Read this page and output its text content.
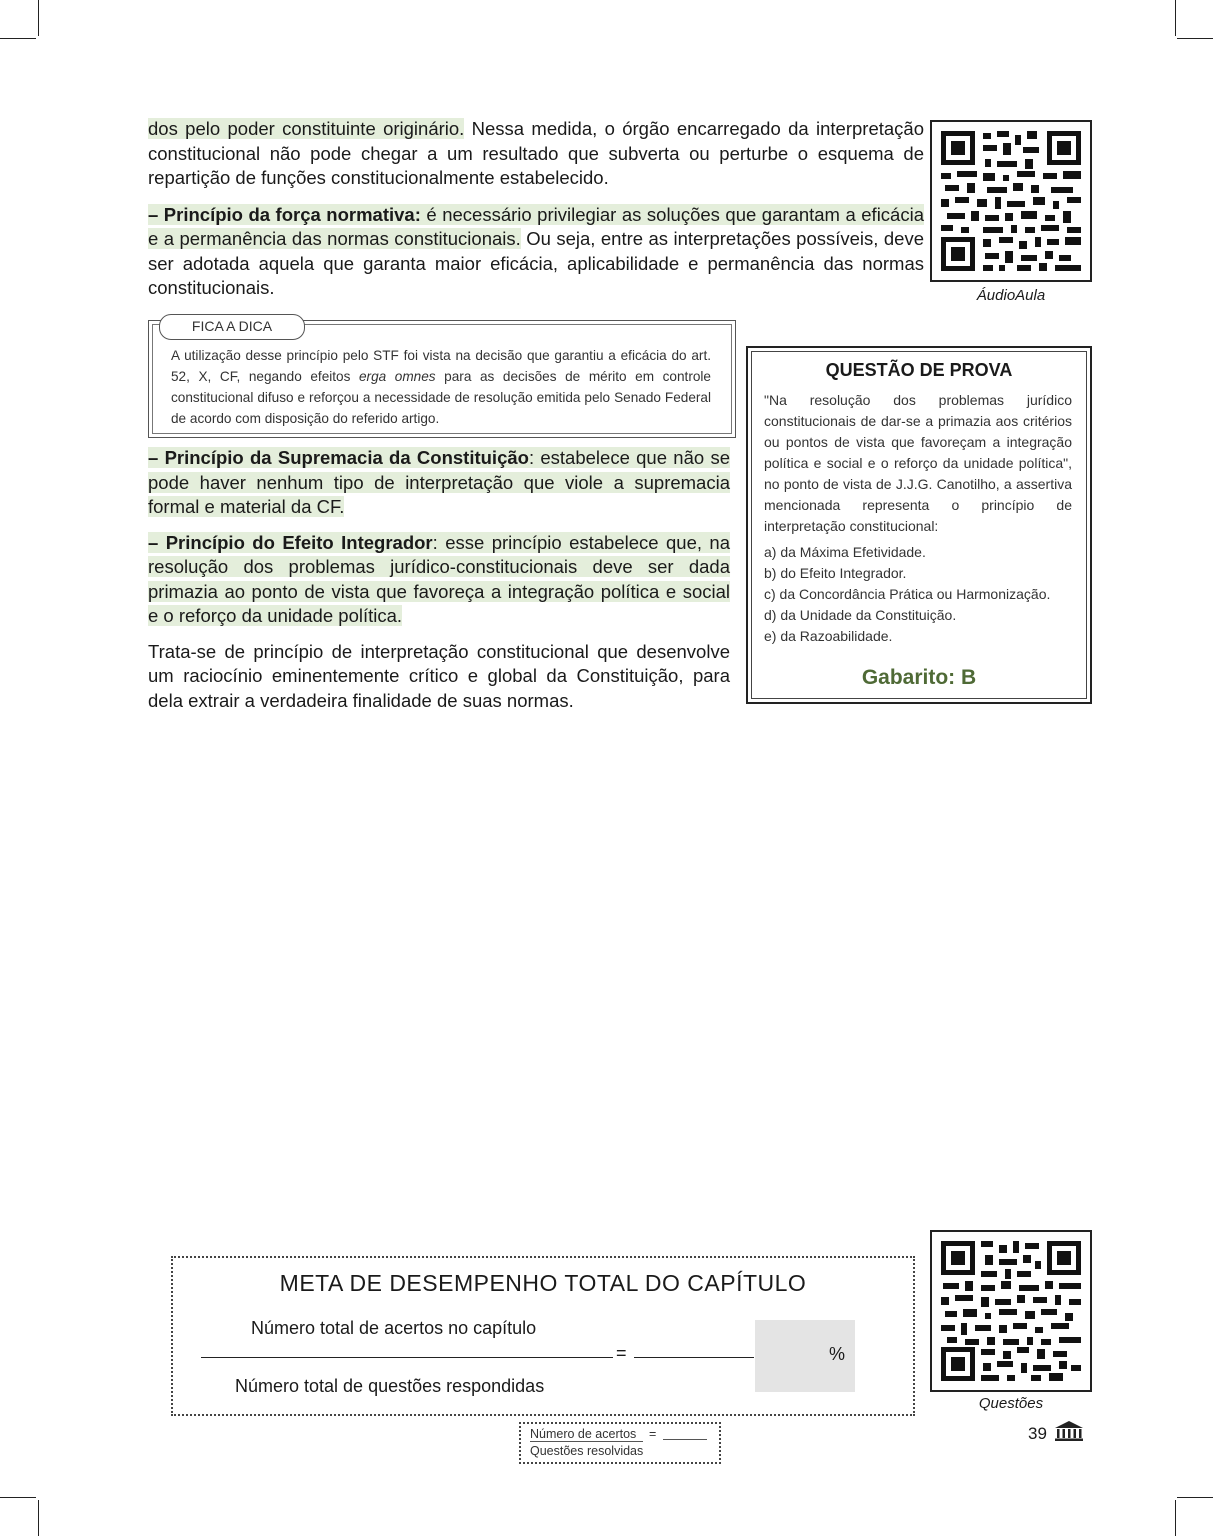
dos pelo poder constituinte originário. Nessa medida, o órgão encarregado da interpretação constitucional não pode chegar a um resultado que subverta ou perturbe o esquema de repartição de funções constitucionalmente estabelecido.

– Princípio da força normativa: é necessário privilegiar as soluções que garantam a eficácia e a permanência das normas constitucionais. Ou seja, entre as interpretações possíveis, deve ser adotada aquela que garanta maior eficácia, aplicabilidade e permanência das normas constitucionais.	ÁudioAula
FICA A DICA
A utilização desse princípio pelo STF foi vista na decisão que garantiu a eficácia do art. 52, X, CF, negando efeitos erga omnes para as decisões de mérito em controle constitucional difuso e reforçou a necessidade de resolução emitida pelo Senado Federal de acordo com disposição do referido artigo.

– Princípio da Supremacia da Constituição: estabelece que não se pode haver nenhum tipo de interpretação que viole a supremacia formal e material da CF.

– Princípio do Efeito Integrador: esse princípio estabelece que, na resolução dos problemas jurídico-constitucionais deve ser dada primazia ao ponto de vista que favoreça a integração política e social e o reforço da unidade política.

Trata-se de princípio de interpretação constitucional que desenvolve um raciocínio eminentemente crítico e global da Constituição, para dela extrair a verdadeira finalidade de suas normas.

QUESTÃO DE PROVA
"Na resolução dos problemas jurídico constitucionais de dar-se a primazia aos critérios ou pontos de vista que favoreçam a integração política e social e o reforço da unidade política", no ponto de vista de J.J.G. Canotilho, a assertiva mencionada representa o princípio de interpretação constitucional:
a) da Máxima Efetividade.
b) do Efeito Integrador.
c) da Concordância Prática ou Harmonização.
d) da Unidade da Constituição.
e) da Razoabilidade.
Gabarito: B
META DE DESEMPENHO TOTAL DO CAPÍTULO
Número total de acertos no capítulo
=	%
Número total de questões respondidas
Questões
Número de acertos =
Questões resolvidas
39
